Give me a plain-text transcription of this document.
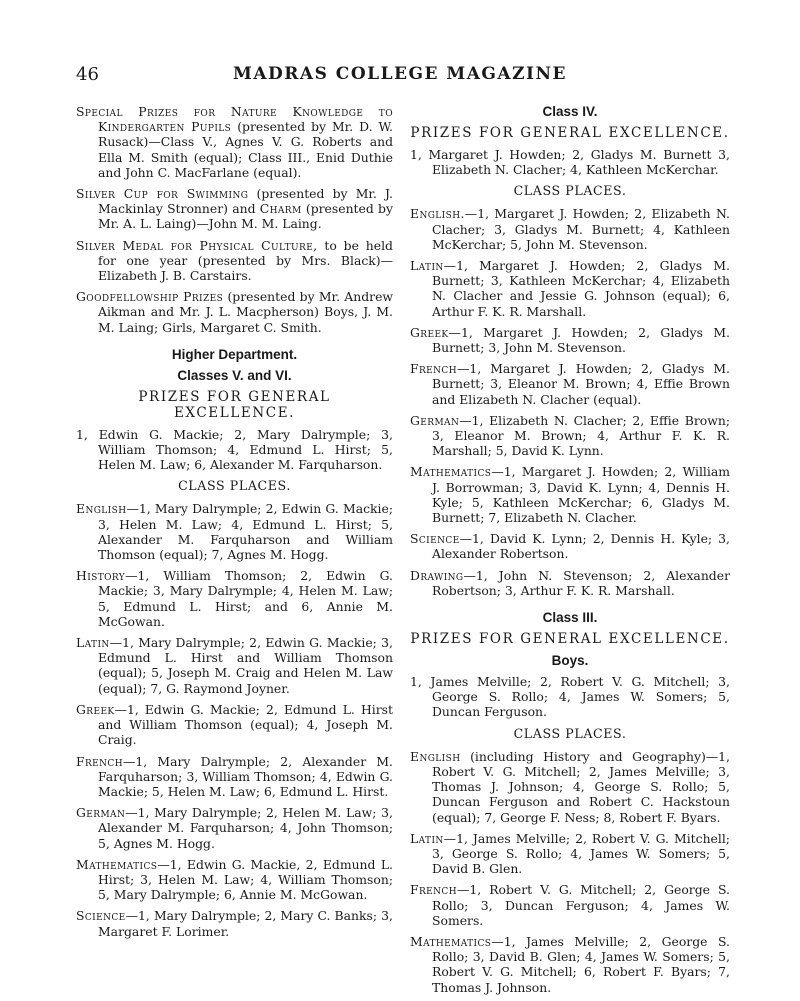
46	MADRAS COLLEGE MAGAZINE

Special Prizes for Nature Knowledge to Kindergarten Pupils (presented by Mr. D. W. Rusack)—Class V., Agnes V. G. Roberts and Ella M. Smith (equal); Class III., Enid Duthie and John C. MacFarlane (equal).

Silver Cup for Swimming (presented by Mr. J. Mackinlay Stronner) and Charm (presented by Mr. A. L. Laing)—John M. M. Laing.

Silver Medal for Physical Culture, to be held for one year (presented by Mrs. Black)—Elizabeth J. B. Carstairs.

Goodfellowship Prizes (presented by Mr. Andrew Aikman and Mr. J. L. Macpherson) Boys, J. M. M. Laing; Girls, Margaret C. Smith.

Higher Department.
Classes V. and VI.
PRIZES FOR GENERAL EXCELLENCE.

1, Edwin G. Mackie; 2, Mary Dalrymple; 3, William Thomson; 4, Edmund L. Hirst; 5, Helen M. Law; 6, Alexander M. Farquharson.

CLASS PLACES.

English—1, Mary Dalrymple; 2, Edwin G. Mackie; 3, Helen M. Law; 4, Edmund L. Hirst; 5, Alexander M. Farquharson and William Thomson (equal); 7, Agnes M. Hogg.

History—1, William Thomson; 2, Edwin G. Mackie; 3, Mary Dalrymple; 4, Helen M. Law; 5, Edmund L. Hirst; and 6, Annie M. McGowan.

Latin—1, Mary Dalrymple; 2, Edwin G. Mackie; 3, Edmund L. Hirst and William Thomson (equal); 5, Joseph M. Craig and Helen M. Law (equal); 7, G. Raymond Joyner.

Greek—1, Edwin G. Mackie; 2, Edmund L. Hirst and William Thomson (equal); 4, Joseph M. Craig.

French—1, Mary Dalrymple; 2, Alexander M. Farquharson; 3, William Thomson; 4, Edwin G. Mackie; 5, Helen M. Law; 6, Edmund L. Hirst.

German—1, Mary Dalrymple; 2, Helen M. Law; 3, Alexander M. Farquharson; 4, John Thomson; 5, Agnes M. Hogg.

Mathematics—1, Edwin G. Mackie, 2, Edmund L. Hirst; 3, Helen M. Law; 4, William Thomson; 5, Mary Dalrymple; 6, Annie M. McGowan.

Science—1, Mary Dalrymple; 2, Mary C. Banks; 3, Margaret F. Lorimer.

Class IV.
PRIZES FOR GENERAL EXCELLENCE.

1, Margaret J. Howden; 2, Gladys M. Burnett 3, Elizabeth N. Clacher; 4, Kathleen McKerchar.

CLASS PLACES.

English.—1, Margaret J. Howden; 2, Elizabeth N. Clacher; 3, Gladys M. Burnett; 4, Kathleen McKerchar; 5, John M. Stevenson.

Latin—1, Margaret J. Howden; 2, Gladys M. Burnett; 3, Kathleen McKerchar; 4, Elizabeth N. Clacher and Jessie G. Johnson (equal); 6, Arthur F. K. R. Marshall.

Greek—1, Margaret J. Howden; 2, Gladys M. Burnett; 3, John M. Stevenson.

French—1, Margaret J. Howden; 2, Gladys M. Burnett; 3, Eleanor M. Brown; 4, Effie Brown and Elizabeth N. Clacher (equal).

German—1, Elizabeth N. Clacher; 2, Effie Brown; 3, Eleanor M. Brown; 4, Arthur F. K. R. Marshall; 5, David K. Lynn.

Mathematics—1, Margaret J. Howden; 2, William J. Borrowman; 3, David K. Lynn; 4, Dennis H. Kyle; 5, Kathleen McKerchar; 6, Gladys M. Burnett; 7, Elizabeth N. Clacher.

Science—1, David K. Lynn; 2, Dennis H. Kyle; 3, Alexander Robertson.

Drawing—1, John N. Stevenson; 2, Alexander Robertson; 3, Arthur F. K. R. Marshall.

Class III.
PRIZES FOR GENERAL EXCELLENCE.
Boys.

1, James Melville; 2, Robert V. G. Mitchell; 3, George S. Rollo; 4, James W. Somers; 5, Duncan Ferguson.

CLASS PLACES.

English (including History and Geography)—1, Robert V. G. Mitchell; 2, James Melville; 3, Thomas J. Johnson; 4, George S. Rollo; 5, Duncan Ferguson and Robert C. Hackstoun (equal); 7, George F. Ness; 8, Robert F. Byars.

Latin—1, James Melville; 2, Robert V. G. Mitchell; 3, George S. Rollo; 4, James W. Somers; 5, David B. Glen.

French—1, Robert V. G. Mitchell; 2, George S. Rollo; 3, Duncan Ferguson; 4, James W. Somers.

Mathematics—1, James Melville; 2, George S. Rollo; 3, David B. Glen; 4, James W. Somers; 5, Robert V. G. Mitchell; 6, Robert F. Byars; 7, Thomas J. Johnson.
